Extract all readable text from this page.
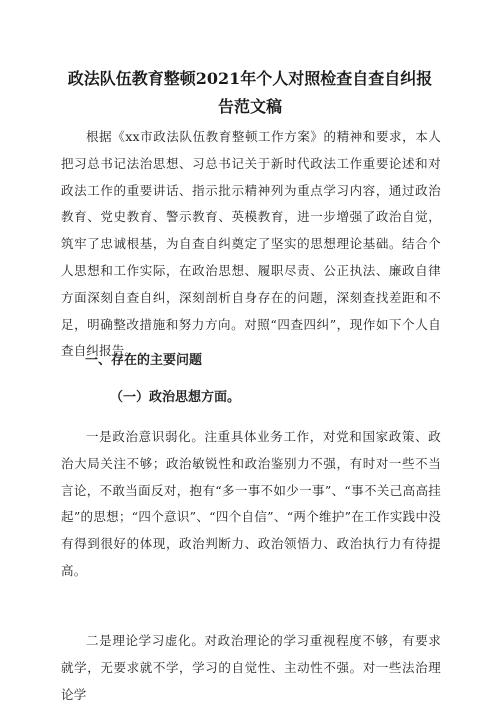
政法队伍教育整顿2021年个人对照检查自查自纠报
告范文稿

根据《xx市政法队伍教育整顿工作方案》的精神和要求，本人把习总书记法治思想、习总书记关于新时代政法工作重要论述和对政法工作的重要讲话、指示批示精神列为重点学习内容，通过政治教育、党史教育、警示教育、英模教育，进一步增强了政治自觉，筑牢了忠诚根基，为自查自纠奠定了坚实的思想理论基础。结合个人思想和工作实际，在政治思想、履职尽责、公正执法、廉政自律方面深刻自查自纠，深刻剖析自身存在的问题，深刻查找差距和不足，明确整改措施和努力方向。对照“四查四纠”，现作如下个人自查自纠报告。

一、存在的主要问题
（一）政治思想方面。

一是政治意识弱化。注重具体业务工作，对党和国家政策、政治大局关注不够；政治敏锐性和政治鉴别力不强，有时对一些不当言论，不敢当面反对，抱有“多一事不如少一事”、“事不关己高高挂起”的思想；“四个意识”、“四个自信”、“两个维护”在工作实践中没有得到很好的体现，政治判断力、政治领悟力、政治执行力有待提高。

二是理论学习虚化。对政治理论的学习重视程度不够，有要求就学，无要求就不学，学习的自觉性、主动性不强。对一些法治理论学
